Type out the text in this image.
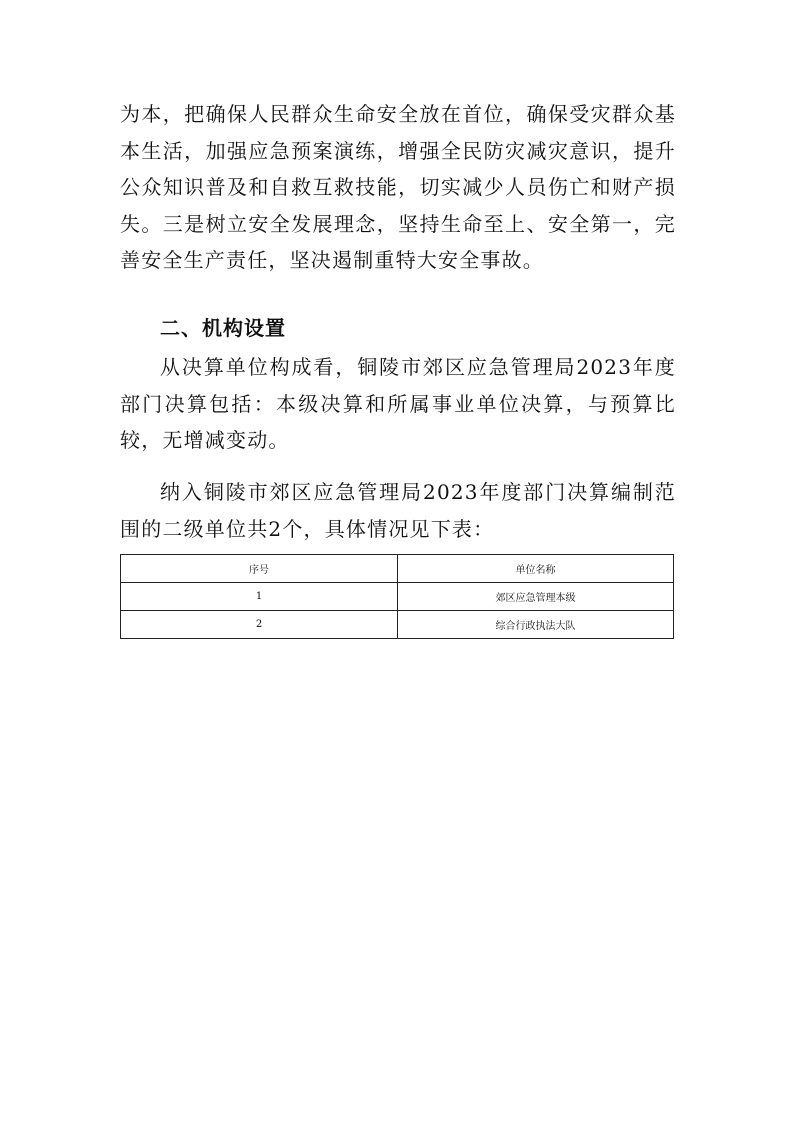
为本，把确保人民群众生命安全放在首位，确保受灾群众基本生活，加强应急预案演练，增强全民防灾减灾意识，提升公众知识普及和自救互救技能，切实减少人员伤亡和财产损失。三是树立安全发展理念，坚持生命至上、安全第一，完善安全生产责任，坚决遏制重特大安全事故。

二、机构设置

从决算单位构成看，铜陵市郊区应急管理局2023年度部门决算包括：本级决算和所属事业单位决算，与预算比较，无增减变动。

纳入铜陵市郊区应急管理局2023年度部门决算编制范围的二级单位共2个，具体情况见下表：

序号	单位名称
1	郊区应急管理本级
2	综合行政执法大队
